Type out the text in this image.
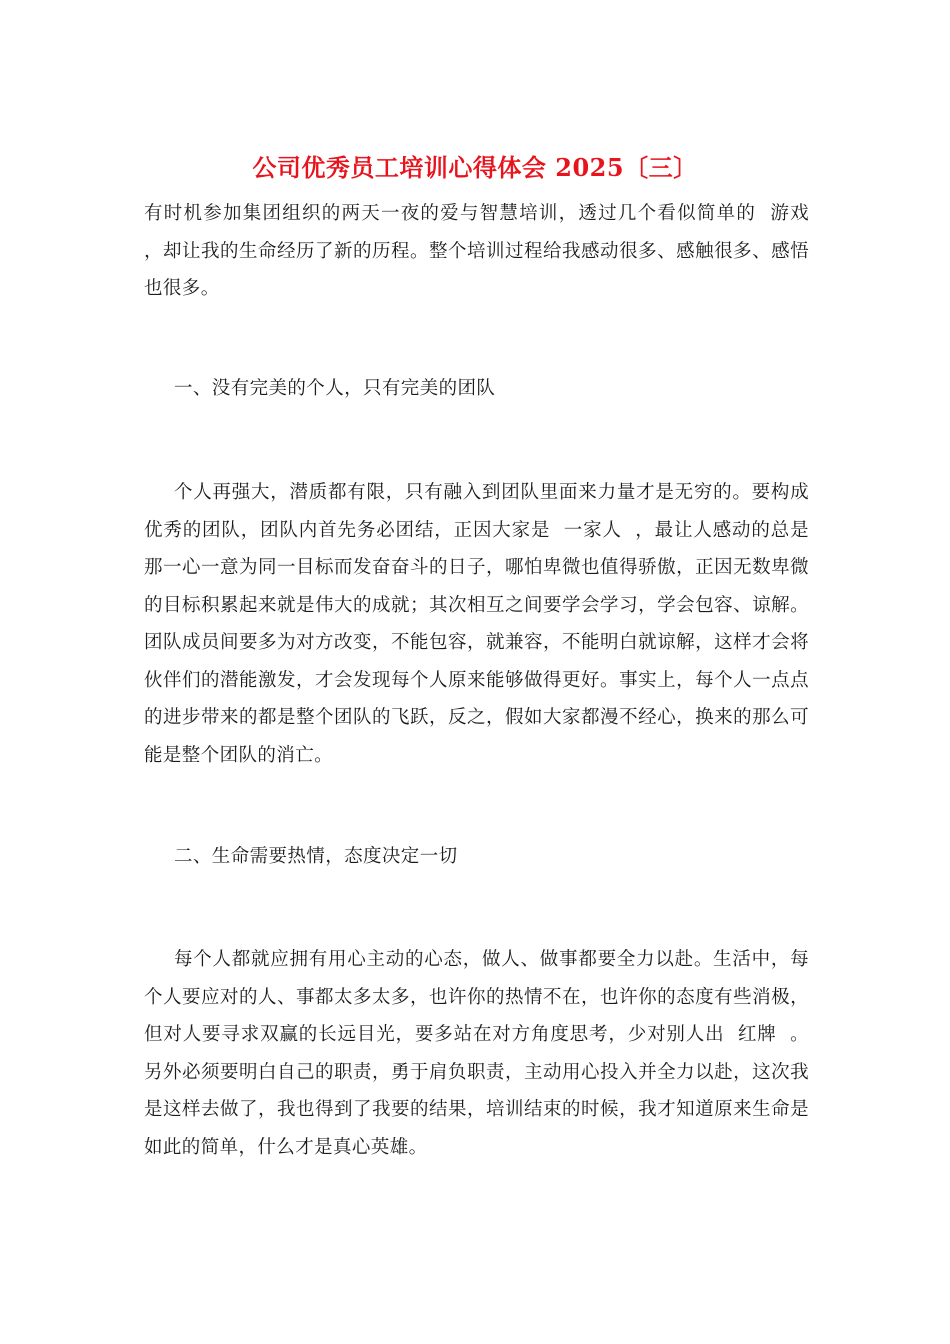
公司优秀员工培训心得体会 2025〔三〕

有时机参加集团组织的两天一夜的爱与智慧培训，透过几个看似简单的  游戏  ，却让我的生命经历了新的历程。整个培训过程给我感动很多、感触很多、感悟也很多。

一、没有完美的个人，只有完美的团队

个人再强大，潜质都有限，只有融入到团队里面来力量才是无穷的。要构成优秀的团队，团队内首先务必团结，正因大家是  一家人  ，最让人感动的总是那一心一意为同一目标而发奋奋斗的日子，哪怕卑微也值得骄傲，正因无数卑微的目标积累起来就是伟大的成就；其次相互之间要学会学习，学会包容、谅解。团队成员间要多为对方改变，不能包容，就兼容，不能明白就谅解，这样才会将伙伴们的潜能激发，才会发现每个人原来能够做得更好。事实上，每个人一点点的进步带来的都是整个团队的飞跃，反之，假如大家都漫不经心，换来的那么可能是整个团队的消亡。

二、生命需要热情，态度决定一切

每个人都就应拥有用心主动的心态，做人、做事都要全力以赴。生活中，每个人要应对的人、事都太多太多，也许你的热情不在，也许你的态度有些消极，但对人要寻求双赢的长远目光，要多站在对方角度思考，少对别人出  红牌  。另外必须要明白自己的职责，勇于肩负职责，主动用心投入并全力以赴，这次我是这样去做了，我也得到了我要的结果，培训结束的时候，我才知道原来生命是如此的简单，什么才是真心英雄。
